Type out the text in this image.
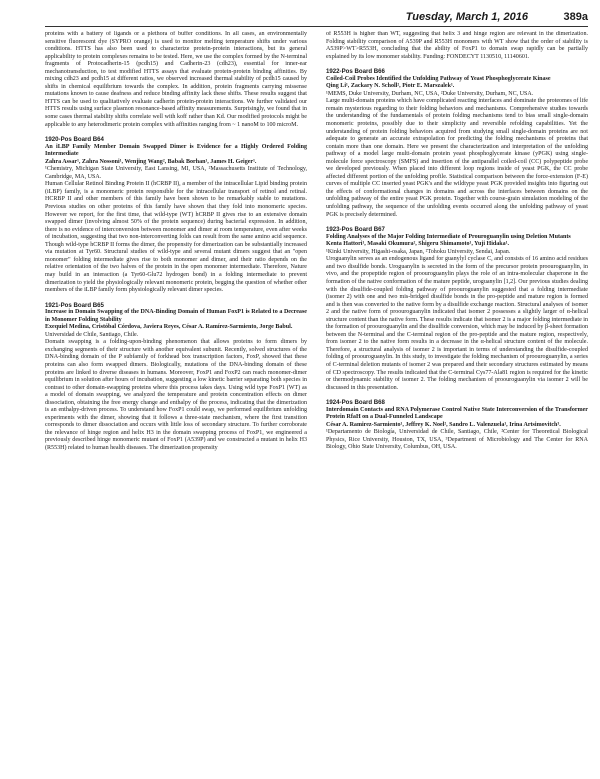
Tuesday, March 1, 2016	389a

proteins with a battery of ligands or a plethora of buffer conditions. In all cases, an environmentally sensitive fluorescent dye (SYPRO orange) is used to monitor melting temperature shifts under various conditions. HTTS has also been used to characterize protein-protein interactions, but its general applicability to protein complexes remains to be tested. Here, we use the complex formed by the N-terminal fragments of Protocadherin-15 (pcdh15) and Cadherin-23 (cdh23), essential for inner-ear mechanotransduction, to test modified HTTS assays that evaluate protein-protein binding affinities. By mixing cdh23 and pcdh15 at different ratios, we observed increased thermal stability of pcdh15 caused by shifts in chemical equilibrium towards the complex. In addition, protein fragments carrying missense mutations known to cause deafness and reduce binding affinity lack these shifts. These results suggest that HTTS can be used to qualitatively evaluate cadherin protein-protein interactions. We further validated our HTTS results using surface plasmon resonance-based affinity measurements. Surprisingly, we found that in some cases thermal stability shifts correlate well with koff rather than Kd. Our modified protocols might be applicable to any heterodimeric protein complex with affinities ranging from ~ 1 nanoM to 100 microM.

1920-Pos Board B64

An iLBP Family Member Domain Swapped Dimer is Evidence for a Highly Ordered Folding Intermediate

Zahra Assar¹, Zahra Nossoni¹, Wenjing Wang², Babak Borhan¹, James H. Geiger¹.

¹Chemistry, Michigan State University, East Lansing, MI, USA, ²Massachusetts Institute of Technology, Cambridge, MA, USA.

Human Cellular Retinol Binding Protein II (hCRBP II), a member of the intracellular Lipid binding protein (iLBP) family, is a monomeric protein responsible for the intracellular transport of retinol and retinal. HCRBP II and other members of this family have been shown to be remarkably stable to mutations. Previous studies on other proteins of this family have shown that they fold into monomeric species. However we report, for the first time, that wild-type (WT) hCRBP II gives rise to an extensive domain swapped dimer (involving almost 50% of the protein sequence) during bacterial expression. In addition, there is no evidence of interconversion between monomer and dimer at room temperature, even after weeks of incubation, suggesting that two non-interconverting folds can result from the same amino acid sequence. Though wild-type hCRBP II forms the dimer, the propensity for dimerization can be substantially increased via mutation at Tyr60. Structural studies of wild-type and several mutant dimers suggest that an "open monomer" folding intermediate gives rise to both monomer and dimer, and their ratio depends on the relative orientation of the two halves of the protein in the open monomer intermediate. Therefore, Nature may build in an interaction (a Tyr60-Glu72 hydrogen bond) in a folding intermediate to prevent dimerization to yield the physiologically relevant monomeric protein, begging the question of whether other members of the iLBP family form physiologically relevant dimer species.

1921-Pos Board B65

Increase in Domain Swapping of the DNA-Binding Domain of Human FoxP1 is Related to a Decrease in Monomer Folding Stability

Exequiel Medina, Cristóbal Córdova, Javiera Reyes, César A. Ramírez-Sarmiento, Jorge Babul.

Universidad de Chile, Santiago, Chile.

Domain swapping is a folding-upon-binding phenomenon that allows proteins to form dimers by exchanging segments of their structure with another equivalent subunit. Recently, solved structures of the DNA-binding domain of the P subfamily of forkhead box transcription factors, FoxP, showed that these proteins can also form swapped dimers. Biologically, mutations of the DNA-binding domain of these proteins are linked to diverse diseases in humans. Moreover, FoxP1 and FoxP2 can reach monomer-dimer equilibrium in solution after hours of incubation, suggesting a low kinetic barrier separating both species in contrast to other domain-swapping proteins where this process takes days. Using wild type FoxP1 (WT) as a model of domain swapping, we analyzed the temperature and protein concentration effects on dimer dissociation, obtaining the free energy change and enthalpy of the process, indicating that the dimerization is an enthalpy-driven process. To understand how FoxP1 could swap, we performed equilibrium unfolding experiments with the dimer, showing that it follows a three-state mechanism, where the first transition corresponds to dimer dissociation and occurs with little loss of secondary structure. To further corroborate the relevance of hinge region and helix H3 in the domain swapping process of FoxP1, we engineered a previously described hinge monomeric mutant of FoxP1 (A539P) and we constructed a mutant in helix H3 (R553H) related to human health diseases. The dimerization propensity

of R553H is higher than WT, suggesting that helix 3 and hinge region are relevant in the dimerization. Folding stability comparison of A539P and R553H monomers with WT show that the order of stability is A539P>WT>R553H, concluding that the ability of FoxP1 to domain swap rapidly can be partially explained by its low monomer stability. Funding: FONDECYT 1130510, 11140601.

1922-Pos Board B66

Coiled-Coil Probes Identified the Unfolding Pathway of Yeast Phosphoglycerate Kinase

Qing Li¹, Zackary N. Scholl², Piotr E. Marszalek¹.

¹MEMS, Duke University, Durham, NC, USA, ²Duke University, Durham, NC, USA.

Large multi-domain proteins which have complicated reacting interfaces and dominate the proteomes of life remain mysterious regarding to their folding behaviors and mechanisms. Comprehensive studies towards the understanding of the fundamentals of protein folding mechanisms tend to bias small single-domain monomeric proteins, possibly due to their simplicity and reversible refolding capabilities. Yet the understanding of protein folding behaviors acquired from studying small single-domain proteins are not adequate to generate an accurate extrapolation for predicting the folding mechanisms of proteins that contain more than one domain. Here we present the characterization and interpretation of the unfolding pathway of a model large multi-domain protein yeast phosphoglycerate kinase (yPGK) using single-molecule force spectroscopy (SMFS) and insertion of the antiparallel coiled-coil (CC) polypeptide probe we developed previously. When placed into different loop regions inside of yeast PGK, the CC probe affected different portion of the unfolding profile. Statistical comparison between the force-extension (F-E) curves of multiple CC inserted yeast PGK's and the wildtype yeast PGK provided insights into figuring out the effects of conformational changes in domains and across the interfaces between domains on the unfolding pathway of the entire yeast PGK protein. Together with course-grain simulation modeling of the unfolding pathway, the sequence of the unfolding events occurred along the unfolding pathway of yeast PGK is precisely determined.

1923-Pos Board B67

Folding Analyses of the Major Folding Intermediate of Prouroguanylin using Deletion Mutants

Kenta Hattori¹, Masaki Okumura², Shigeru Shimamoto¹, Yuji Hidaka¹.

¹Kinki University, Higashi-osaka, Japan, ²Tohoku University, Sendai, Japan.

Uroguanylin serves as an endogenous ligand for guanylyl cyclase C, and consists of 16 amino acid residues and two disulfide bonds. Uroguanylin is secreted in the form of the precursor protein proouroguanylin, in vivo, and the propeptide region of proouroguanylin plays the role of an intra-molecular chaperone in the formation of the native conformation of the mature peptide, uroguanylin [1,2]. Our previous studies dealing with the disulfide-coupled folding pathway of proouroguanylin suggested that a folding intermediate (isomer 2) with one and two mis-bridged disulfide bonds in the pro-peptide and mature region is formed and is then was converted to the native form by a disulfide exchange reaction. Structural analyses of isomer 2 and the native form of proouroguanylin indicated that isomer 2 possesses a slightly larger of α-helical structure content than the native form. These results indicate that isomer 2 is a major folding intermediate in the formation of proouroguanylin and the disulfide conversion, which may be induced by β-sheet formation between the N-terminal and the C-terminal region of the pro-peptide and the mature region, respectively, from isomer 2 to the native form results in a decrease in the α-helical structure content of the molecule. Therefore, a structural analysis of isomer 2 is important in terms of understanding the disulfide-coupled folding of proouroguanylin. In this study, to investigate the folding mechanism of proouroguanylin, a series of C-terminal deletion mutants of isomer 2 was prepared and their secondary structures estimated by means of CD spectroscopy. The results indicated that the C-terminal Cys77-Ala81 region is required for the kinetic or thermodynamic stability of isomer 2. The folding mechanism of proouroguanylin via isomer 2 will be discussed in this presentation.

1924-Pos Board B68

Interdomain Contacts and RNA Polymerase Control Native State Interconversion of the Transformer Protein RfaH on a Dual-Funneled Landscape

César A. Ramirez-Sarmiento¹, Jeffrey K. Noel², Sandro L. Valenzuela¹, Irina Artsimovitch³.

¹Departamento de Biología, Universidad de Chile, Santiago, Chile, ²Center for Theoretical Biological Physics, Rice University, Houston, TX, USA, ³Department of Microbiology and The Center for RNA Biology, Ohio State University, Columbus, OH, USA.
